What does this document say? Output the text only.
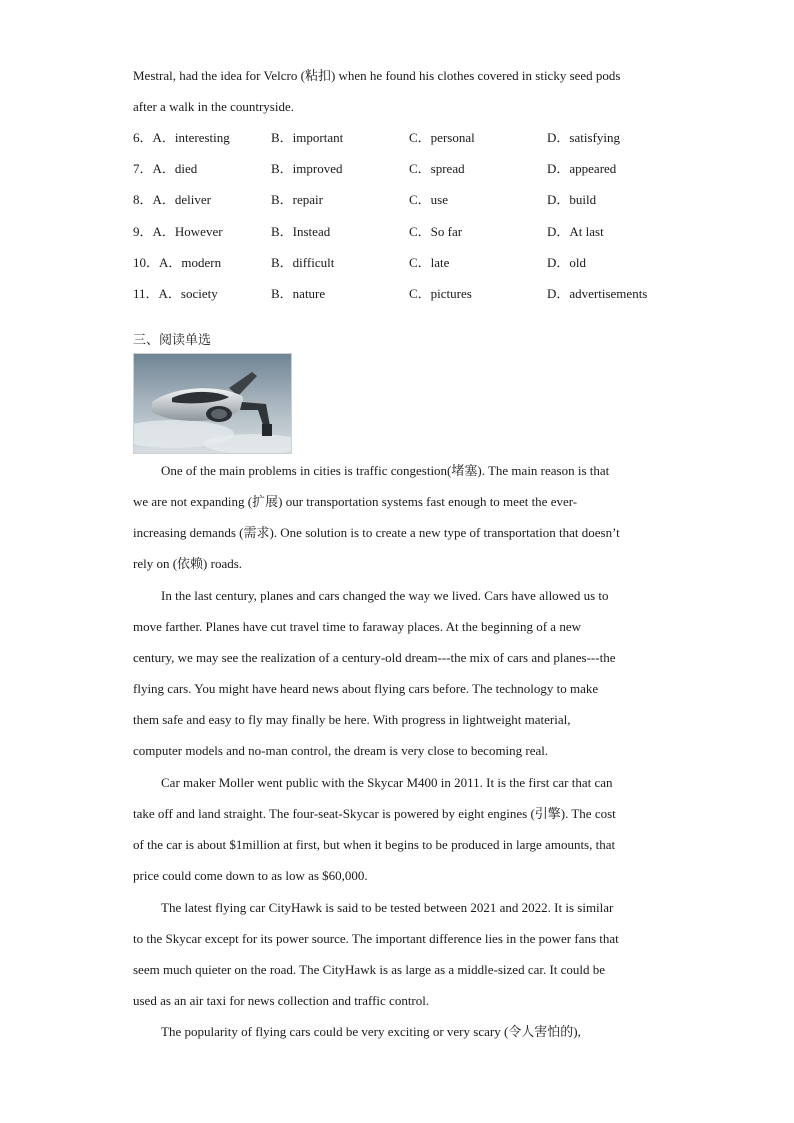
Mestral, had the idea for Velcro (粘扣) when he found his clothes covered in sticky seed pods
after a walk in the countryside.
6．A．interesting	B．important	C．personal	D．satisfying
7．A．died	B．improved	C．spread	D．appeared
8．A．deliver	B．repair	C．use	D．build
9．A．However	B．Instead	C．So far	D．At last
10．A．modern	B．difficult	C．late	D．old
11．A．society	B．nature	C．pictures	D．advertisements
三、阅读单选
One of the main problems in cities is traffic congestion(堵塞). The main reason is that
we are not expanding (扩展) our transportation systems fast enough to meet the ever-
increasing demands (需求). One solution is to create a new type of transportation that doesn’t
rely on (依赖) roads.
In the last century, planes and cars changed the way we lived. Cars have allowed us to
move farther. Planes have cut travel time to faraway places. At the beginning of a new
century, we may see the realization of a century-old dream---the mix of cars and planes---the
flying cars. You might have heard news about flying cars before. The technology to make
them safe and easy to fly may finally be here. With progress in lightweight material,
computer models and no-man control, the dream is very close to becoming real.
Car maker Moller went public with the Skycar M400 in 2011. It is the first car that can
take off and land straight. The four-seat-Skycar is powered by eight engines (引擎). The cost
of the car is about $1million at first, but when it begins to be produced in large amounts, that
price could come down to as low as $60,000.
The latest flying car CityHawk is said to be tested between 2021 and 2022. It is similar
to the Skycar except for its power source. The important difference lies in the power fans that
seem much quieter on the road. The CityHawk is as large as a middle-sized car. It could be
used as an air taxi for news collection and traffic control.
The popularity of flying cars could be very exciting or very scary (令人害怕的),
